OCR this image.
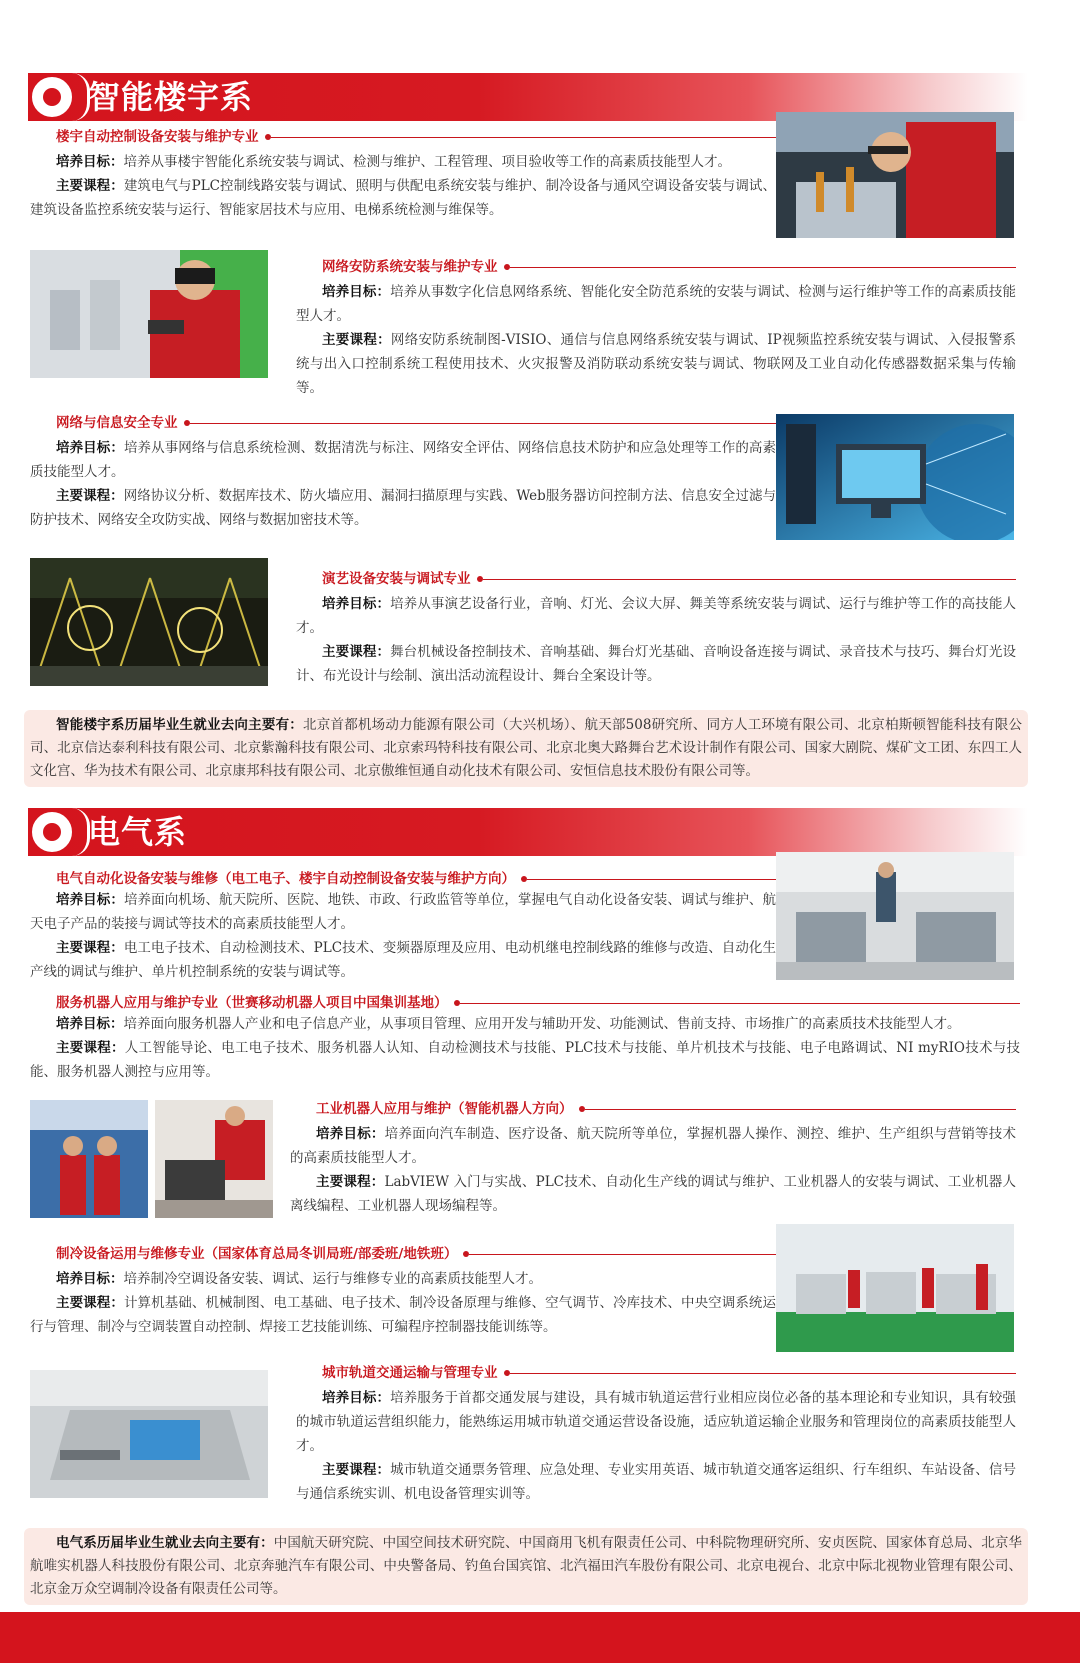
智能楼宇系
楼宇自动控制设备安装与维护专业
培养目标：培养从事楼宇智能化系统安装与调试、检测与维护、工程管理、项目验收等工作的高素质技能型人才。
主要课程：建筑电气与PLC控制线路安装与调试、照明与供配电系统安装与维护、制冷设备与通风空调设备安装与调试、建筑设备监控系统安装与运行、智能家居技术与应用、电梯系统检测与维保等。
网络安防系统安装与维护专业
培养目标：培养从事数字化信息网络系统、智能化安全防范系统的安装与调试、检测与运行维护等工作的高素质技能型人才。
主要课程：网络安防系统制图-VISIO、通信与信息网络系统安装与调试、IP视频监控系统安装与调试、入侵报警系统与出入口控制系统工程使用技术、火灾报警及消防联动系统安装与调试、物联网及工业自动化传感器数据采集与传输等。
网络与信息安全专业
培养目标：培养从事网络与信息系统检测、数据清洗与标注、网络安全评估、网络信息技术防护和应急处理等工作的高素质技能型人才。
主要课程：网络协议分析、数据库技术、防火墙应用、漏洞扫描原理与实践、Web服务器访问控制方法、信息安全过滤与防护技术、网络安全攻防实战、网络与数据加密技术等。
演艺设备安装与调试专业
培养目标：培养从事演艺设备行业，音响、灯光、会议大屏、舞美等系统安装与调试、运行与维护等工作的高技能人才。
主要课程：舞台机械设备控制技术、音响基础、舞台灯光基础、音响设备连接与调试、录音技术与技巧、舞台灯光设计、布光设计与绘制、演出活动流程设计、舞台全案设计等。
智能楼宇系历届毕业生就业去向主要有：北京首都机场动力能源有限公司（大兴机场）、航天部508研究所、同方人工环境有限公司、北京柏斯顿智能科技有限公司、北京信达泰利科技有限公司、北京紫瀚科技有限公司、北京索玛特科技有限公司、北京北奥大路舞台艺术设计制作有限公司、国家大剧院、煤矿文工团、东四工人文化宫、华为技术有限公司、北京康邦科技有限公司、北京傲维恒通自动化技术有限公司、安恒信息技术股份有限公司等。
电气系
电气自动化设备安装与维修（电工电子、楼宇自动控制设备安装与维护方向）
培养目标：培养面向机场、航天院所、医院、地铁、市政、行政监管等单位，掌握电气自动化设备安装、调试与维护、航天电子产品的装接与调试等技术的高素质技能型人才。
主要课程：电工电子技术、自动检测技术、PLC技术、变频器原理及应用、电动机继电控制线路的维修与改造、自动化生产线的调试与维护、单片机控制系统的安装与调试等。
服务机器人应用与维护专业（世赛移动机器人项目中国集训基地）
培养目标：培养面向服务机器人产业和电子信息产业，从事项目管理、应用开发与辅助开发、功能测试、售前支持、市场推广的高素质技术技能型人才。
主要课程：人工智能导论、电工电子技术、服务机器人认知、自动检测技术与技能、PLC技术与技能、单片机技术与技能、电子电路调试、NI myRIO技术与技能、服务机器人测控与应用等。
工业机器人应用与维护（智能机器人方向）
培养目标：培养面向汽车制造、医疗设备、航天院所等单位，掌握机器人操作、测控、维护、生产组织与营销等技术的高素质技能型人才。
主要课程：LabVIEW 入门与实战、PLC技术、自动化生产线的调试与维护、工业机器人的安装与调试、工业机器人离线编程、工业机器人现场编程等。
制冷设备运用与维修专业（国家体育总局冬训局班/部委班/地铁班）
培养目标：培养制冷空调设备安装、调试、运行与维修专业的高素质技能型人才。
主要课程：计算机基础、机械制图、电工基础、电子技术、制冷设备原理与维修、空气调节、冷库技术、中央空调系统运行与管理、制冷与空调装置自动控制、焊接工艺技能训练、可编程序控制器技能训练等。
城市轨道交通运输与管理专业
培养目标：培养服务于首都交通发展与建设，具有城市轨道运营行业相应岗位必备的基本理论和专业知识，具有较强的城市轨道运营组织能力，能熟练运用城市轨道交通运营设备设施，适应轨道运输企业服务和管理岗位的高素质技能型人才。
主要课程：城市轨道交通票务管理、应急处理、专业实用英语、城市轨道交通客运组织、行车组织、车站设备、信号与通信系统实训、机电设备管理实训等。
电气系历届毕业生就业去向主要有：中国航天研究院、中国空间技术研究院、中国商用飞机有限责任公司、中科院物理研究所、安贞医院、国家体育总局、北京华航唯实机器人科技股份有限公司、北京奔驰汽车有限公司、中央警备局、钓鱼台国宾馆、北汽福田汽车股份有限公司、北京电视台、北京中际北视物业管理有限公司、北京金万众空调制冷设备有限责任公司等。
